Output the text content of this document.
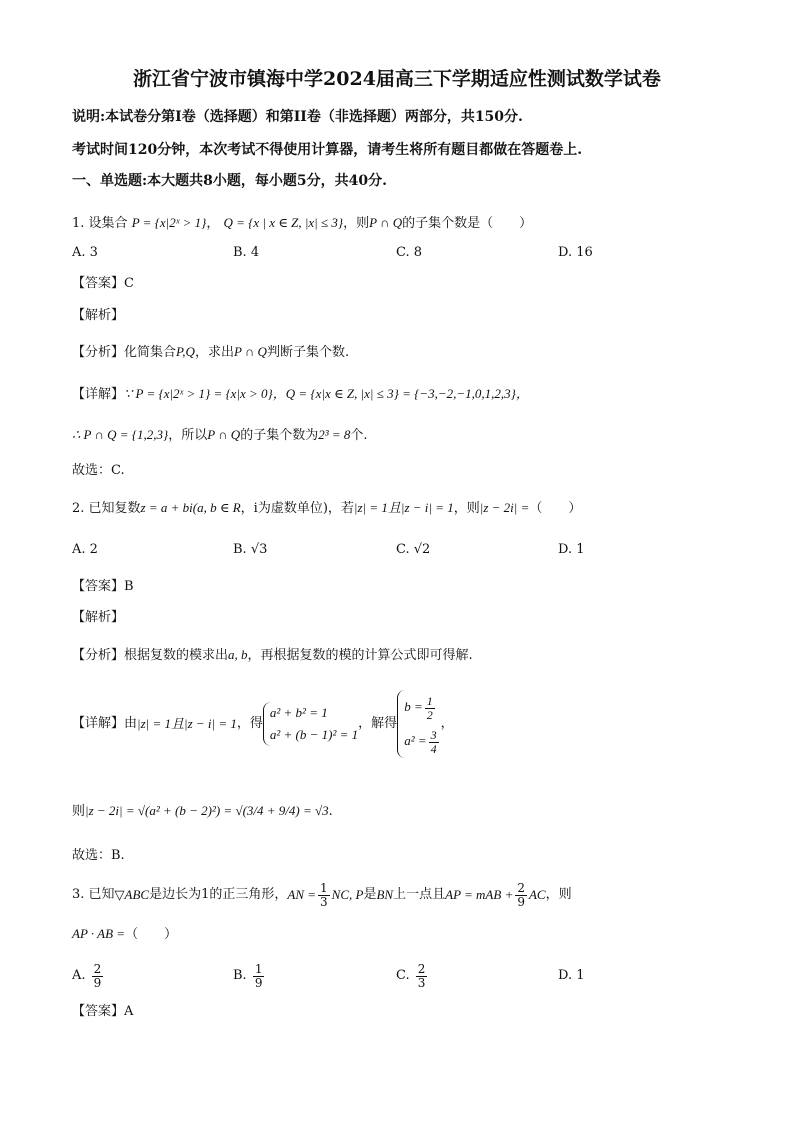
浙江省宁波市镇海中学2024届高三下学期适应性测试数学试卷
说明:本试卷分第I卷（选择题）和第II卷（非选择题）两部分，共150分.
考试时间120分钟，本次考试不得使用计算器，请考生将所有题目都做在答题卷上.
一、单选题:本大题共8小题，每小题5分，共40分.
1. 设集合 P = {x|2ˣ > 1}， Q = {x | x ∈ Z, |x| ≤ 3}，则P ∩ Q的子集个数是（　　）
A. 3	B. 4	C. 8	D. 16
【答案】C
【解析】
【分析】化简集合P,Q，求出P ∩ Q判断子集个数.
【详解】∵ P = {x|2ˣ > 1} = {x|x > 0}，Q = {x|x ∈ Z, |x| ≤ 3} = {−3,−2,−1,0,1,2,3}，
∴ P ∩ Q = {1,2,3}，所以P ∩ Q的子集个数为2³ = 8个.
故选：C.
2. 已知复数z = a + bi(a, b ∈ R，i为虚数单位)，若|z| = 1且|z − i| = 1，则|z − 2i| =（　　）
A. 2	B. √3	C. √2	D. 1
【答案】B
【解析】
【分析】根据复数的模求出a, b，再根据复数的模的计算公式即可得解.
【详解】 由 |z| = 1且|z − i| = 1 ，得
a² + b² = 1
a² + (b − 1)² = 1
，解得
$b = \frac{1}{2}$
$a^2 = \frac{3}{4}$
，
则|z − 2i| = √(a² + (b − 2)²) = √(3/4 + 9/4) = √3.
故选：B.
3. 已知 ▽ABC 是边长为1的正三角形， AN = $\frac{1}{3}$ NC, P 是 BN 上一点且 AP = mAB + $\frac{2}{9}$ AC ，则
AP · AB =（　　）
A.
$\frac{2}{9}$	B.
$\frac{1}{9}$	C.
$\frac{2}{3}$	D.
1
【答案】A
